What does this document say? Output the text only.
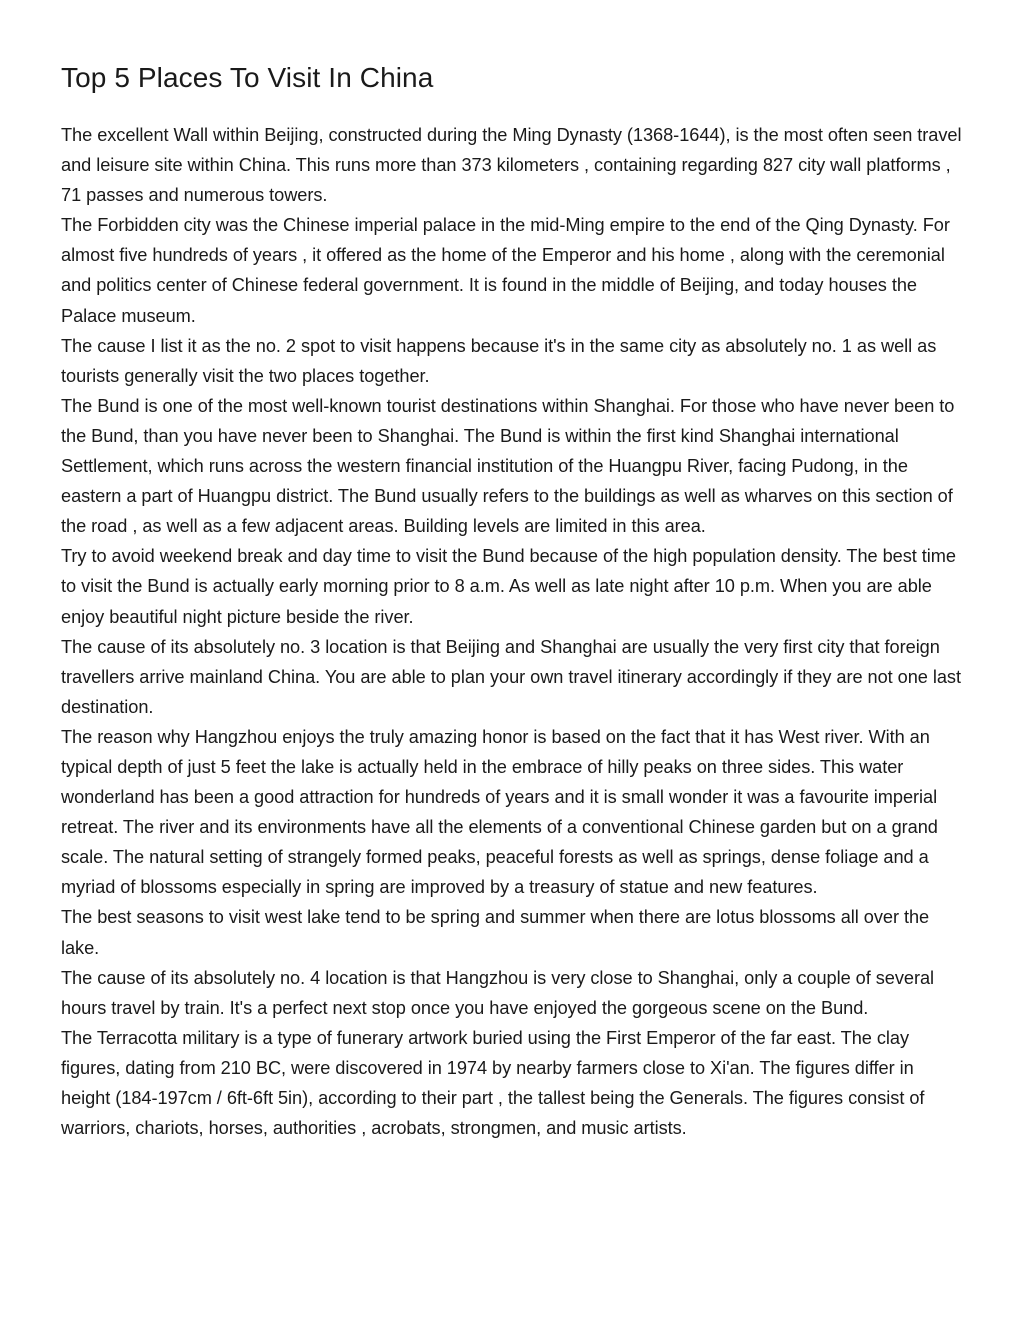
Top 5 Places To Visit In China

The excellent Wall within Beijing, constructed during the Ming Dynasty (1368-1644), is the most often seen travel and leisure site within China. This runs more than 373 kilometers , containing regarding 827 city wall platforms , 71 passes and numerous towers.

The Forbidden city was the Chinese imperial palace in the mid-Ming empire to the end of the Qing Dynasty. For almost five hundreds of years , it offered as the home of the Emperor and his home , along with the ceremonial and politics center of Chinese federal government. It is found in the middle of Beijing, and today houses the Palace museum.

The cause I list it as the no. 2 spot to visit happens because it's in the same city as absolutely no. 1 as well as tourists generally visit the two places together.

The Bund is one of the most well-known tourist destinations within Shanghai. For those who have never been to the Bund, than you have never been to Shanghai. The Bund is within the first kind Shanghai international Settlement, which runs across the western financial institution of the Huangpu River, facing Pudong, in the eastern a part of Huangpu district. The Bund usually refers to the buildings as well as wharves on this section of the road , as well as a few adjacent areas. Building levels are limited in this area.

Try to avoid weekend break and day time to visit the Bund because of the high population density. The best time to visit the Bund is actually early morning prior to 8 a.m. As well as late night after 10 p.m. When you are able enjoy beautiful night picture beside the river.

The cause of its absolutely no. 3 location is that Beijing and Shanghai are usually the very first city that foreign travellers arrive mainland China. You are able to plan your own travel itinerary accordingly if they are not one last destination.

The reason why Hangzhou enjoys the truly amazing honor is based on the fact that it has West river. With an typical depth of just 5 feet the lake is actually held in the embrace of hilly peaks on three sides. This water wonderland has been a good attraction for hundreds of years and it is small wonder it was a favourite imperial retreat. The river and its environments have all the elements of a conventional Chinese garden but on a grand scale. The natural setting of strangely formed peaks, peaceful forests as well as springs, dense foliage and a myriad of blossoms especially in spring are improved by a treasury of statue and new features.

The best seasons to visit west lake tend to be spring and summer when there are lotus blossoms all over the lake.

The cause of its absolutely no. 4 location is that Hangzhou is very close to Shanghai, only a couple of several hours travel by train. It's a perfect next stop once you have enjoyed the gorgeous scene on the Bund.

The Terracotta military is a type of funerary artwork buried using the First Emperor of the far east. The clay figures, dating from 210 BC, were discovered in 1974 by nearby farmers close to Xi'an. The figures differ in height (184-197cm / 6ft-6ft 5in), according to their part , the tallest being the Generals. The figures consist of warriors, chariots, horses, authorities , acrobats, strongmen, and music artists.
